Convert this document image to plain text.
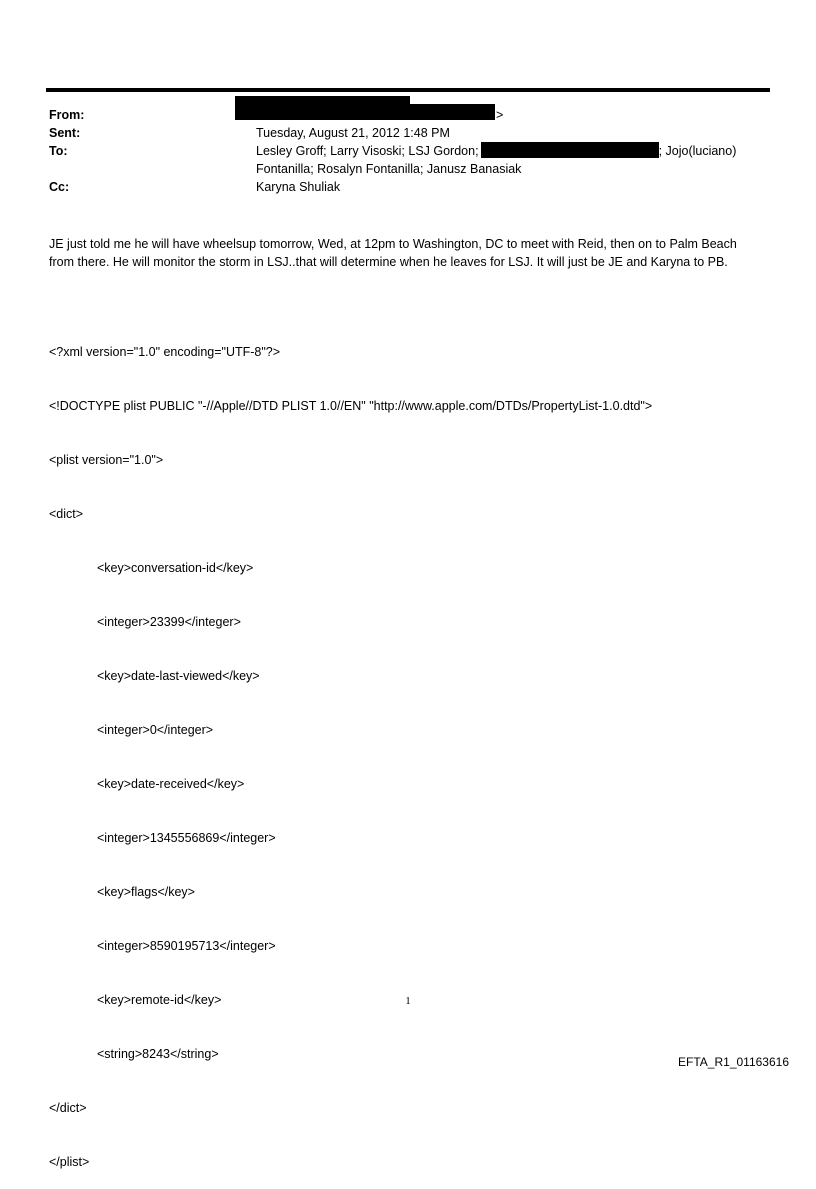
From:	>
Sent:	Tuesday, August 21, 2012 1:48 PM
To:	Lesley Groff; Larry Visoski; LSJ Gordon;	; Jojo(luciano)
Fontanilla; Rosalyn Fontanilla; Janusz Banasiak
Cc:	Karyna Shuliak

JE just told me he will have wheelsup tomorrow, Wed, at 12pm to Washington, DC to meet with Reid, then on to Palm Beach from there. He will monitor the storm in LSJ..that will determine when he leaves for LSJ. It will just be JE and Karyna to PB.

<?xml version="1.0" encoding="UTF-8"?>

<!DOCTYPE plist PUBLIC "-//Apple//DTD PLIST 1.0//EN" "http://www.apple.com/DTDs/PropertyList-1.0.dtd">

<plist version="1.0">

<dict>

<key>conversation-id</key>

<integer>23399</integer>

<key>date-last-viewed</key>

<integer>0</integer>

<key>date-received</key>

<integer>1345556869</integer>

<key>flags</key>

<integer>8590195713</integer>

<key>remote-id</key>

<string>8243</string>

</dict>

</plist>

1
EFTA_R1_01163616
